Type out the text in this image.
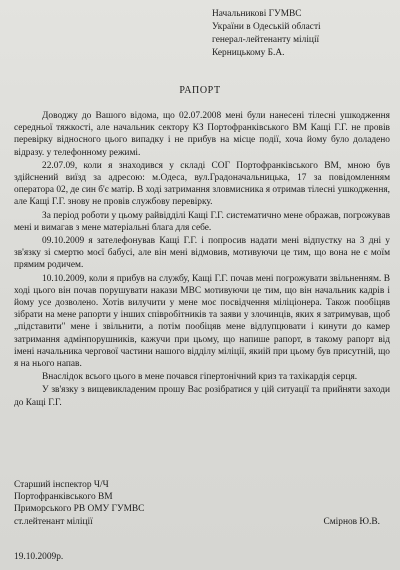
Начальникові ГУМВС
України в Одеській області
генерал-лейтенанту міліції
Керницькому Б.А.
РАПОРТ

Доводжу до Вашого відома, що 02.07.2008 мені були нанесені тілесні ушкодження середньої тяжкості, але начальник сектору КЗ Портофранківського ВМ Кащі Г.Г. не провів перевірку відносного цього випадку і не прибув на місце події, хоча йому було доладено відразу. у телефонному режимі.

22.07.09, коли я знаходився у складі СОГ Портофранківського ВМ, мною був здійснений виїзд за адресою: м.Одеса, вул.Градоначальницька, 17 за повідомленням оператора 02, де син б'є матір. В ході затримання зловмисника я отримав тілесні ушкодження, але Кащі Г.Г. знову не провів службову перевірку.

За період роботи у цьому райвідділі Кащі Г.Г. систематично мене ображав, погрожував мені и вимагав з мене матеріальні блага для себе.

09.10.2009 я зателефонував Кащі Г.Г. і попросив надати мені відпустку на 3 дні у зв'язку зі смертю моєї бабусі, але він мені відмовив, мотивуючи це тим, що вона не є моїм прямим родичем.

10.10.2009, коли я прибув на службу, Кащі Г.Г. почав мені погрожувати звільненням. В ході цього він почав порушувати накази МВС мотивуючи це тим, що він начальник кадрів і йому усе дозволено. Хотів вилучити у мене моє посвідчення міліціонера. Також пообіцяв зібрати на мене рапорти у інших співробітників та заяви у злочинців, яких я затримував, щоб „підставити" мене і звільнити, а потім пообіцяв мене відлупцювати і кинути до камер затримання адмінпорушників, кажучи при цьому, що напише рапорт, в такому рапорт від імені начальника чергової частини нашого відділу міліції, якиій при цьому був присутній, що я на нього напав.

Внаслідок всього цього в мене почався гіпертонічний криз та тахікардія серця.

У зв'язку з вищевикладеним прошу Вас розібратися у цій ситуації та прийняти заходи до Кащі Г.Г.

Старший інспектор Ч/Ч
Портофранківського ВМ
Приморського РВ ОМУ ГУМВС
ст.лейтенант міліції	Смірнов Ю.В.
19.10.2009р.
